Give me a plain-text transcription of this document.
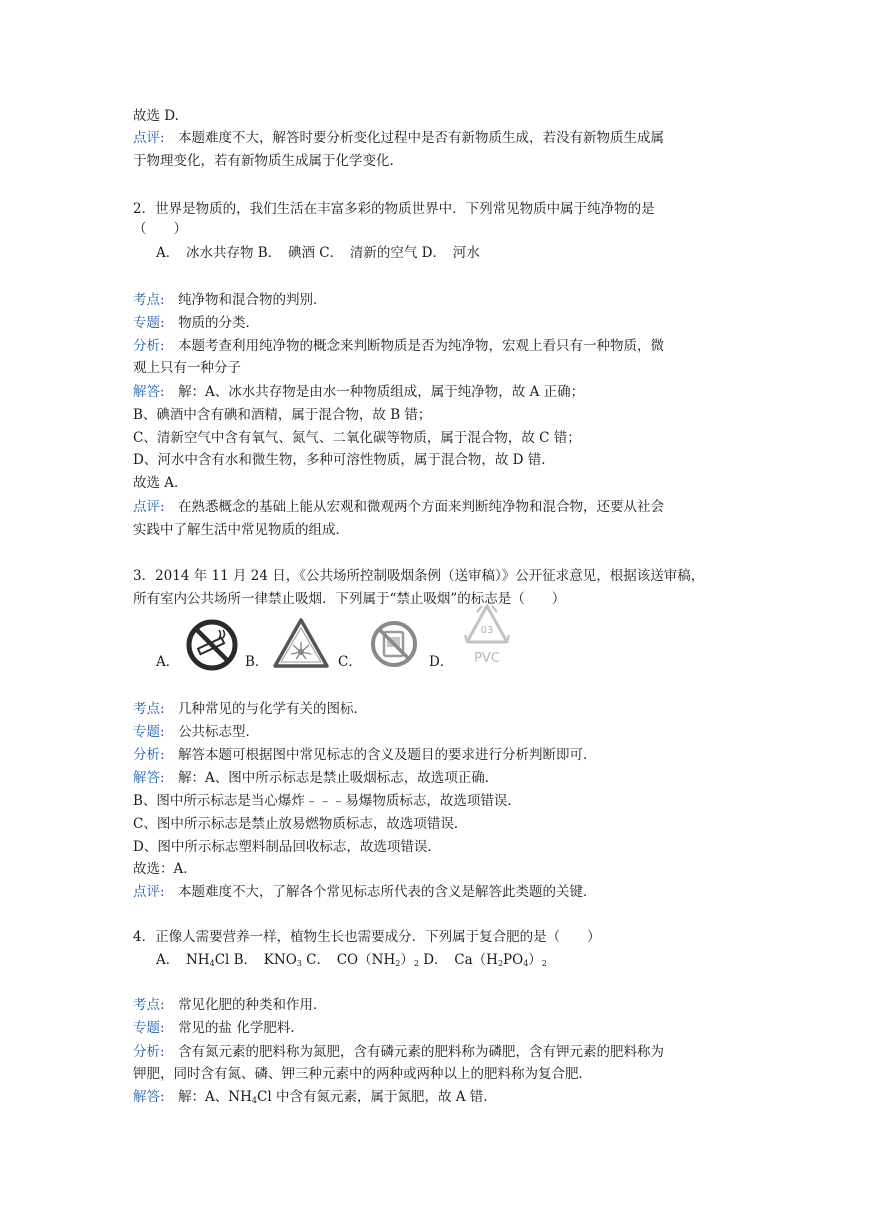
故选 D.
点评:　 本题难度不大，解答时要分析变化过程中是否有新物质生成，若没有新物质生成属
于物理变化，若有新物质生成属于化学变化.
2．世界是物质的，我们生活在丰富多彩的物质世界中．下列常见物质中属于纯净物的是
（　　）
A．　冰水共存物 B．　碘酒 C．　清新的空气 D．　河水
考点:　 纯净物和混合物的判别．
专题:　 物质的分类．
分析:　 本题考查利用纯净物的概念来判断物质是否为纯净物，宏观上看只有一种物质，微
观上只有一种分子
解答:　 解：A、冰水共存物是由水一种物质组成，属于纯净物，故 A 正确；
B、碘酒中含有碘和酒精，属于混合物，故 B 错；
C、清新空气中含有氧气、氮气、二氧化碳等物质，属于混合物，故 C 错；
D、河水中含有水和微生物，多种可溶性物质，属于混合物，故 D 错．
故选 A．
点评:　 在熟悉概念的基础上能从宏观和微观两个方面来判断纯净物和混合物，还要从社会
实践中了解生活中常见物质的组成．
3．2014 年 11 月 24 日，《公共场所控制吸烟条例（送审稿）》公开征求意见，根据该送审稿，
所有室内公共场所一律禁止吸烟．下列属于“禁止吸烟”的标志是（　　）
A．	B．	C．	D．
03
PVC
考点:　 几种常见的与化学有关的图标．
专题:　 公共标志型．
分析:　 解答本题可根据图中常见标志的含义及题目的要求进行分析判断即可．
解答:　 解：A、图中所示标志是禁止吸烟标志，故选项正确．
B、图中所示标志是当心爆炸﹣﹣﹣易爆物质标志，故选项错误．
C、图中所示标志是禁止放易燃物质标志，故选项错误．
D、图中所示标志塑料制品回收标志，故选项错误．
故选：A．
点评:　 本题难度不大，了解各个常见标志所代表的含义是解答此类题的关键．
4．正像人需要营养一样，植物生长也需要成分．下列属于复合肥的是（　　）
A．　$NH_4Cl$ B．　$KNO_3$ C．　$CO(NH_2)_2$ D．　$Ca(H_2PO_4)_2$
考点:　 常见化肥的种类和作用．
专题:　 常见的盐 化学肥料．
分析:　 含有氮元素的肥料称为氮肥，含有磷元素的肥料称为磷肥，含有钾元素的肥料称为
钾肥，同时含有氮、磷、钾三种元素中的两种或两种以上的肥料称为复合肥．
解答:　 解：A、$NH_4Cl$ 中含有氮元素，属于氮肥，故 A 错．
